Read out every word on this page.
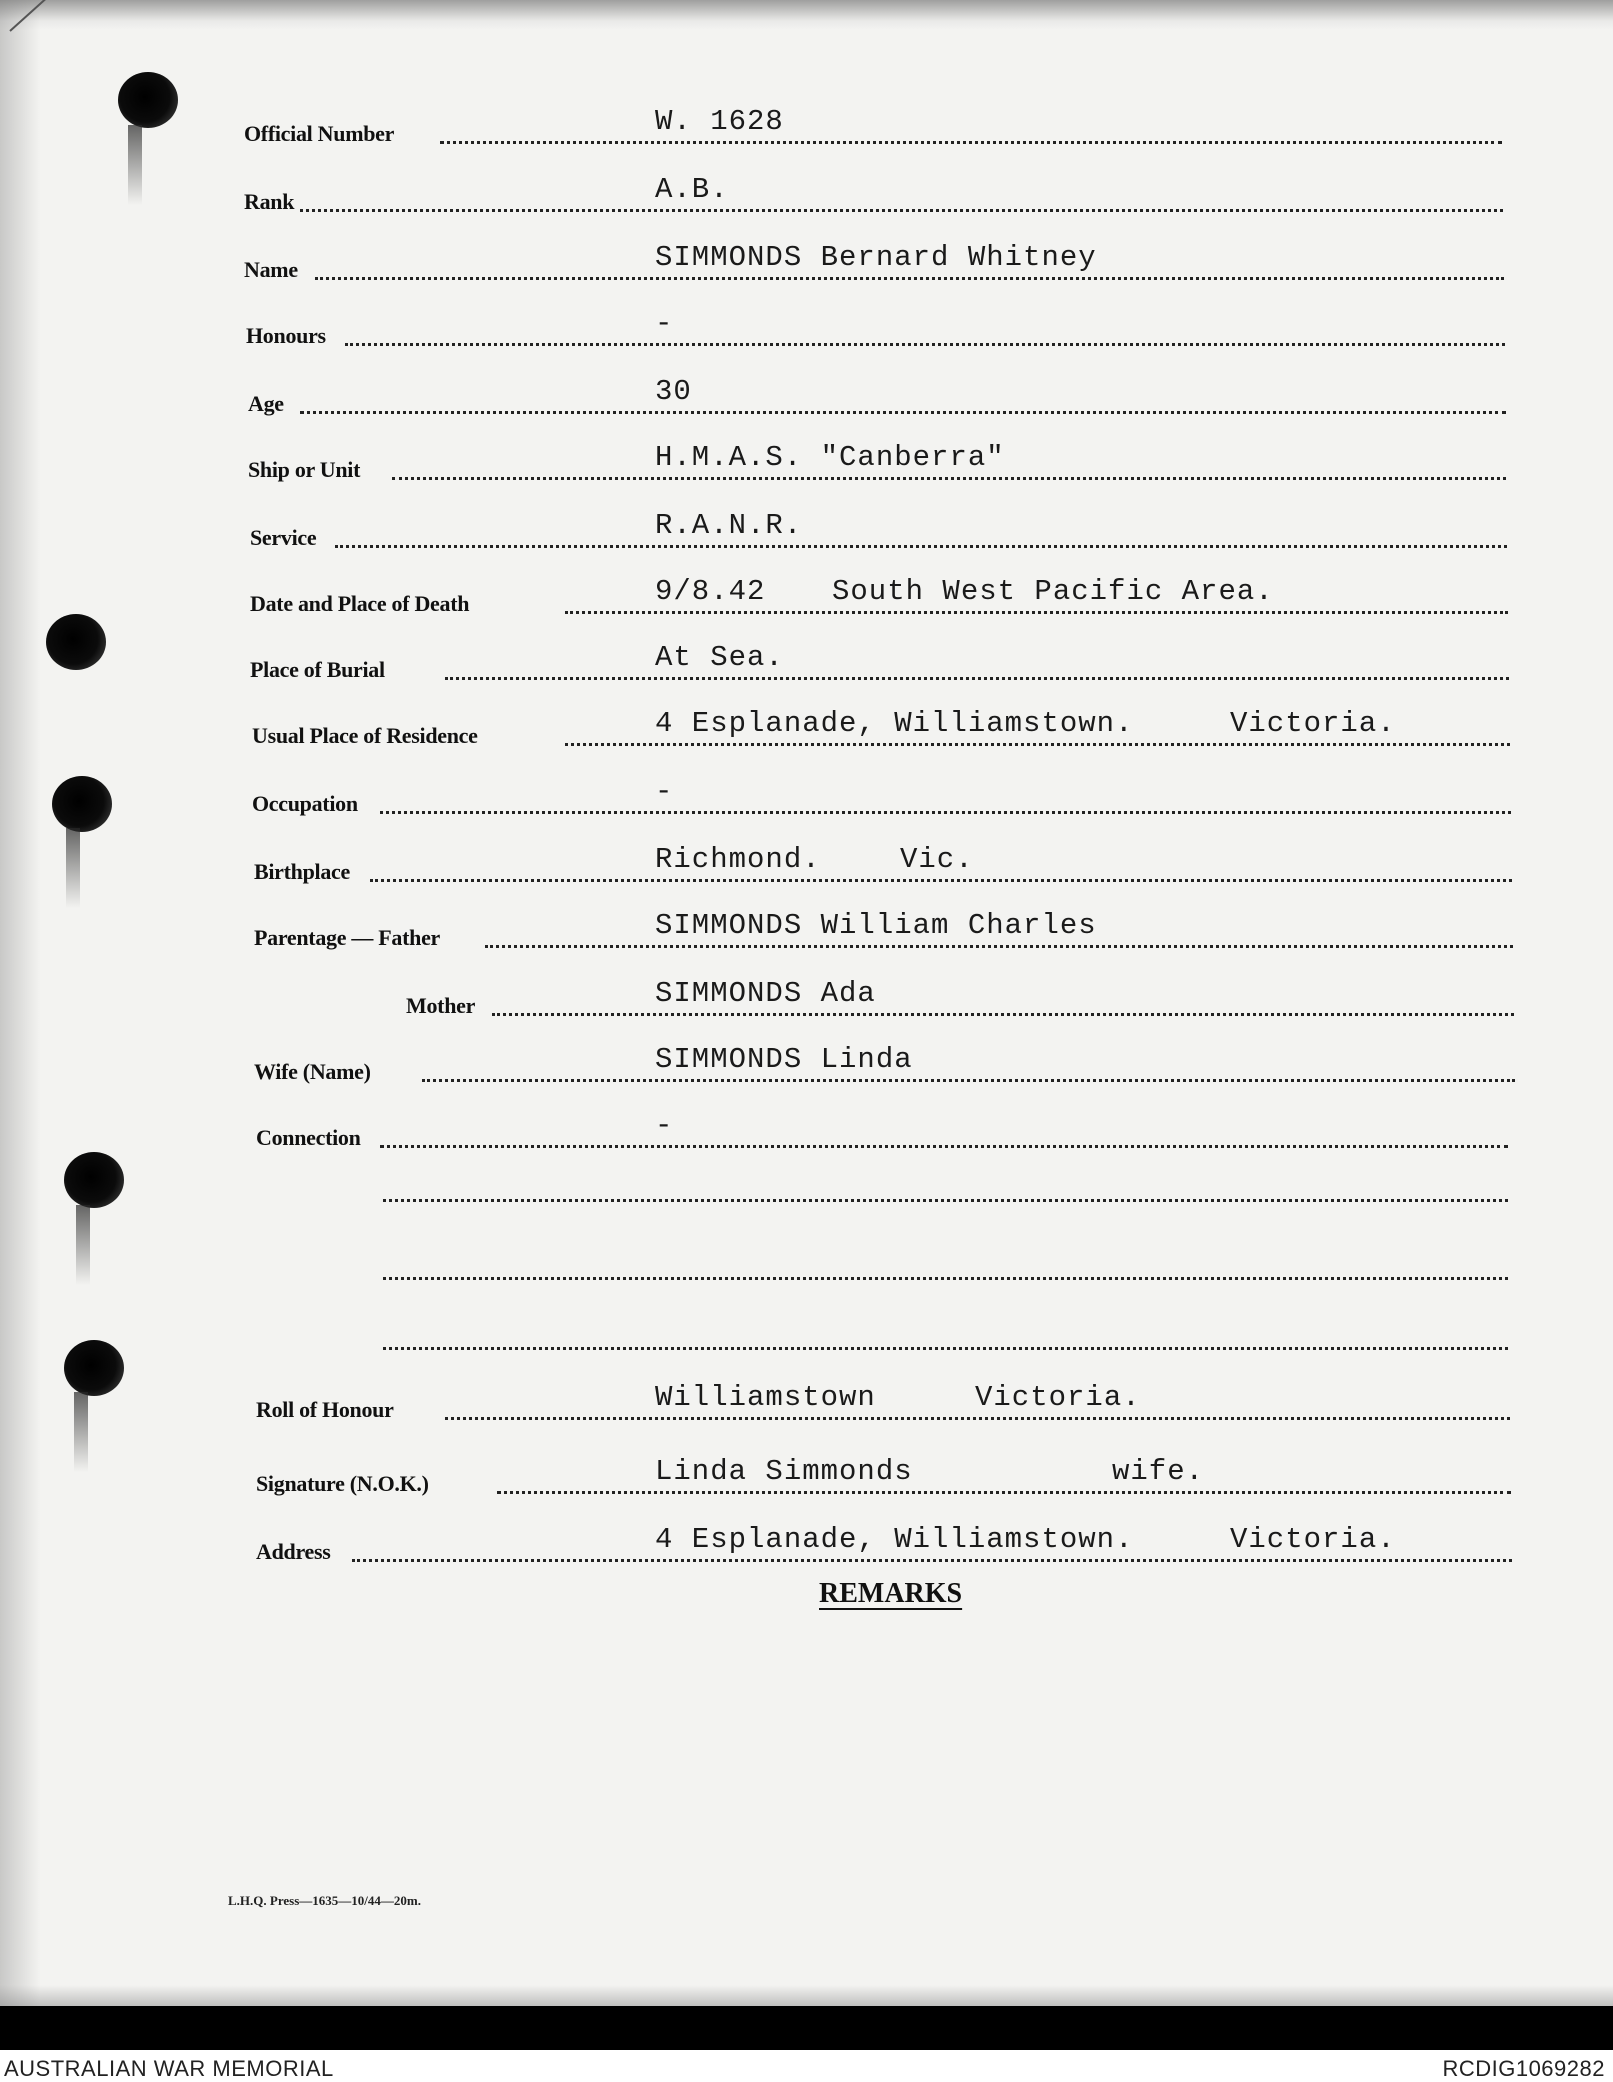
Official Number	W. 1628
Rank	A.B.
Name	SIMMONDS Bernard Whitney
Honours	-
Age	30
Ship or Unit	H.M.A.S. "Canberra"
Service	R.A.N.R.
Date and Place of Death	9/8.42 South West Pacific Area.
Place of Burial	At Sea.
Usual Place of Residence	4 Esplanade, Williamstown.	Victoria.
Occupation	-
Birthplace	Richmond.	Vic.
Parentage — Father	SIMMONDS William Charles
Mother	SIMMONDS Ada
Wife (Name)	SIMMONDS Linda
Connection	-
Roll of Honour	Williamstown	Victoria.
Signature (N.O.K.)	Linda Simmonds	wife.
Address	4 Esplanade, Williamstown.	Victoria.
REMARKS
L.H.Q. Press—1635—10/44—20m.
AUSTRALIAN WAR MEMORIAL	RCDIG1069282
